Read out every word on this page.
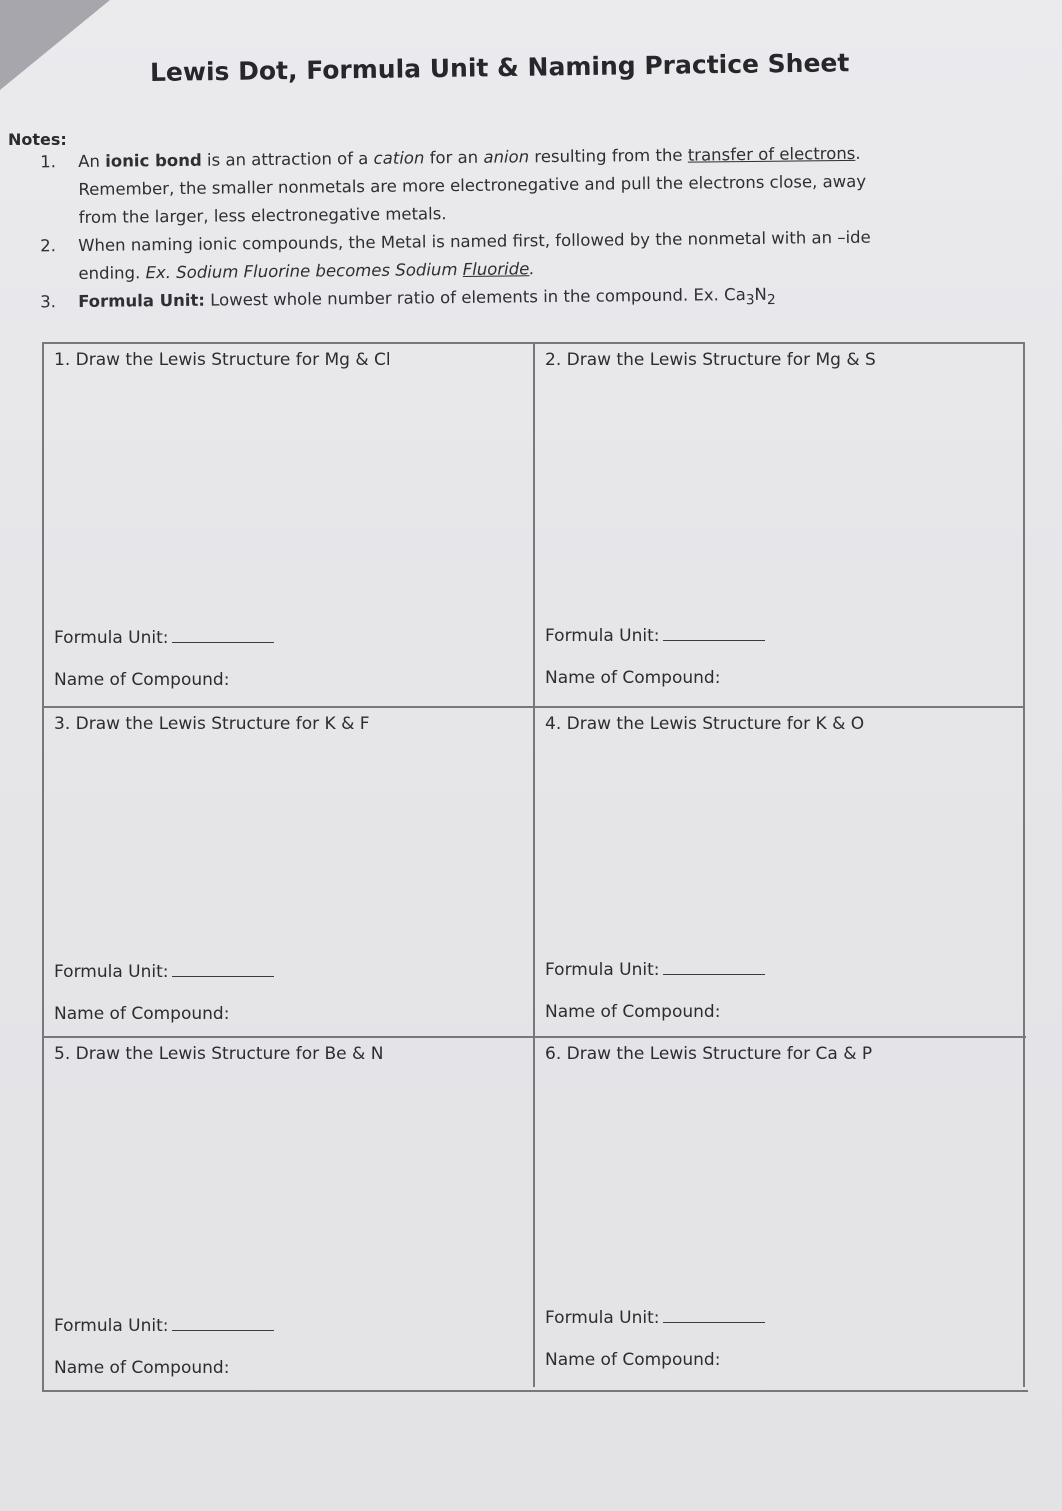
Lewis Dot, Formula Unit & Naming Practice Sheet
Notes:
1. An ionic bond is an attraction of a cation for an anion resulting from the transfer of electrons.
Remember, the smaller nonmetals are more electronegative and pull the electrons close, away
from the larger, less electronegative metals.
2. When naming ionic compounds, the Metal is named first, followed by the nonmetal with an –ide
ending. Ex. Sodium Fluorine becomes Sodium Fluoride.
3. Formula Unit: Lowest whole number ratio of elements in the compound. Ex. $Ca_3N_2$
1. Draw the Lewis Structure for Mg & Cl
Formula Unit:
Name of Compound:
2. Draw the Lewis Structure for Mg & S
Formula Unit:
Name of Compound:
3. Draw the Lewis Structure for K & F
Formula Unit:
Name of Compound:
4. Draw the Lewis Structure for K & O
Formula Unit:
Name of Compound:
5. Draw the Lewis Structure for Be & N
Formula Unit:
Name of Compound:
6. Draw the Lewis Structure for Ca & P
Formula Unit:
Name of Compound:
